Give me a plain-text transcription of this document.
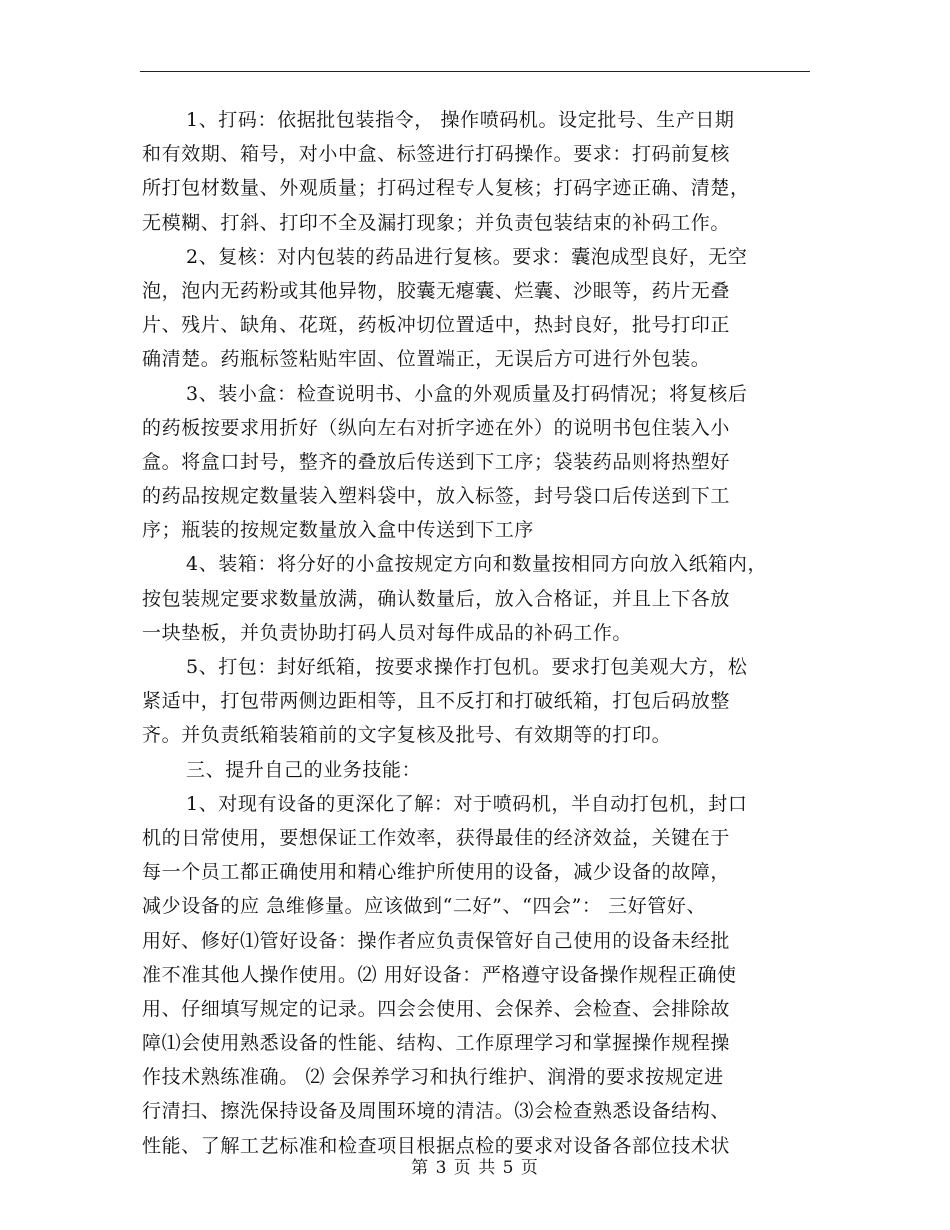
1、打码：依据批包装指令， 操作喷码机。设定批号、生产日期
和有效期、箱号，对小中盒、标签进行打码操作。要求：打码前复核
所打包材数量、外观质量；打码过程专人复核；打码字迹正确、清楚，
无模糊、打斜、打印不全及漏打现象；并负责包装结束的补码工作。
2、复核：对内包装的药品进行复核。要求：囊泡成型良好，无空
泡，泡内无药粉或其他异物，胶囊无瘪囊、烂囊、沙眼等，药片无叠
片、残片、缺角、花斑，药板冲切位置适中，热封良好，批号打印正
确清楚。药瓶标签粘贴牢固、位置端正，无误后方可进行外包装。
3、装小盒：检查说明书、小盒的外观质量及打码情况；将复核后
的药板按要求用折好（纵向左右对折字迹在外）的说明书包住装入小
盒。将盒口封号，整齐的叠放后传送到下工序；袋装药品则将热塑好
的药品按规定数量装入塑料袋中，放入标签，封号袋口后传送到下工
序；瓶装的按规定数量放入盒中传送到下工序
4、装箱：将分好的小盒按规定方向和数量按相同方向放入纸箱内，
按包装规定要求数量放满，确认数量后，放入合格证，并且上下各放
一块垫板，并负责协助打码人员对每件成品的补码工作。
5、打包：封好纸箱，按要求操作打包机。要求打包美观大方，松
紧适中，打包带两侧边距相等，且不反打和打破纸箱，打包后码放整
齐。并负责纸箱装箱前的文字复核及批号、有效期等的打印。
三、提升自己的业务技能：
1、对现有设备的更深化了解：对于喷码机，半自动打包机，封口
机的日常使用，要想保证工作效率，获得最佳的经济效益，关键在于
每一个员工都正确使用和精心维护所使用的设备，减少设备的故障，
减少设备的应 急维修量。应该做到“二好”、“四会”： 三好管好、
用好、修好⑴管好设备：操作者应负责保管好自己使用的设备未经批
准不准其他人操作使用。⑵ 用好设备：严格遵守设备操作规程正确使
用、仔细填写规定的记录。四会会使用、会保养、会检查、会排除故
障⑴会使用熟悉设备的性能、结构、工作原理学习和掌握操作规程操
作技术熟练准确。 ⑵ 会保养学习和执行维护、润滑的要求按规定进
行清扫、擦洗保持设备及周围环境的清洁。⑶会检查熟悉设备结构、
性能、了解工艺标准和检查项目根据点检的要求对设备各部位技术状
第 3 页 共 5 页
